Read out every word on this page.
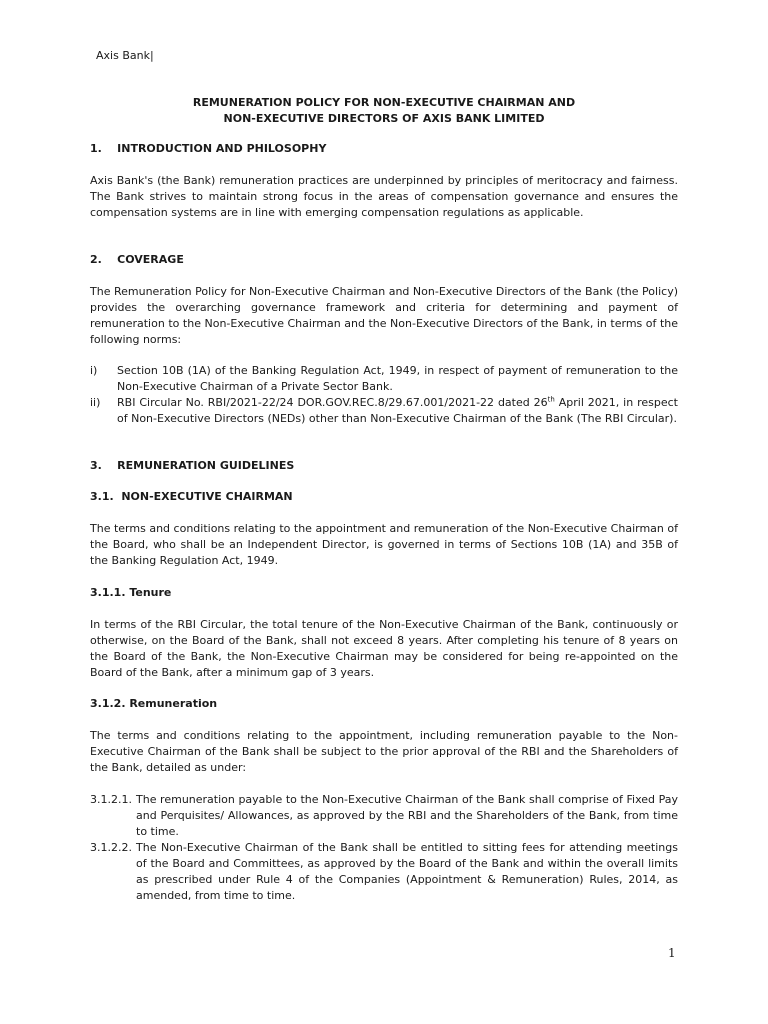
Axis Bank|
REMUNERATION POLICY FOR NON-EXECUTIVE CHAIRMAN AND
NON-EXECUTIVE DIRECTORS OF AXIS BANK LIMITED
1.    INTRODUCTION AND PHILOSOPHY
Axis Bank's (the Bank) remuneration practices are underpinned by principles of meritocracy and fairness. The Bank strives to maintain strong focus in the areas of compensation governance and ensures the compensation systems are in line with emerging compensation regulations as applicable.
2.    COVERAGE
The Remuneration Policy for Non-Executive Chairman and Non-Executive Directors of the Bank (the Policy) provides the overarching governance framework and criteria for determining and payment of remuneration to the Non-Executive Chairman and the Non-Executive Directors of the Bank, in terms of the following norms:
i) Section 10B (1A) of the Banking Regulation Act, 1949, in respect of payment of remuneration to the Non-Executive Chairman of a Private Sector Bank.
ii) RBI Circular No. RBI/2021-22/24 DOR.GOV.REC.8/29.67.001/2021-22 dated 26th April 2021, in respect of Non-Executive Directors (NEDs) other than Non-Executive Chairman of the Bank (The RBI Circular).
3.    REMUNERATION GUIDELINES
3.1.  NON-EXECUTIVE CHAIRMAN
The terms and conditions relating to the appointment and remuneration of the Non-Executive Chairman of the Board, who shall be an Independent Director, is governed in terms of Sections 10B (1A) and 35B of the Banking Regulation Act, 1949.
3.1.1. Tenure
In terms of the RBI Circular, the total tenure of the Non-Executive Chairman of the Bank, continuously or otherwise, on the Board of the Bank, shall not exceed 8 years. After completing his tenure of 8 years on the Board of the Bank, the Non-Executive Chairman may be considered for being re-appointed on the Board of the Bank, after a minimum gap of 3 years.
3.1.2. Remuneration
The terms and conditions relating to the appointment, including remuneration payable to the Non-Executive Chairman of the Bank shall be subject to the prior approval of the RBI and the Shareholders of the Bank, detailed as under:
3.1.2.1. The remuneration payable to the Non-Executive Chairman of the Bank shall comprise of Fixed Pay and Perquisites/ Allowances, as approved by the RBI and the Shareholders of the Bank, from time to time.
3.1.2.2. The Non-Executive Chairman of the Bank shall be entitled to sitting fees for attending meetings of the Board and Committees, as approved by the Board of the Bank and within the overall limits as prescribed under Rule 4 of the Companies (Appointment & Remuneration) Rules, 2014, as amended, from time to time.
1
